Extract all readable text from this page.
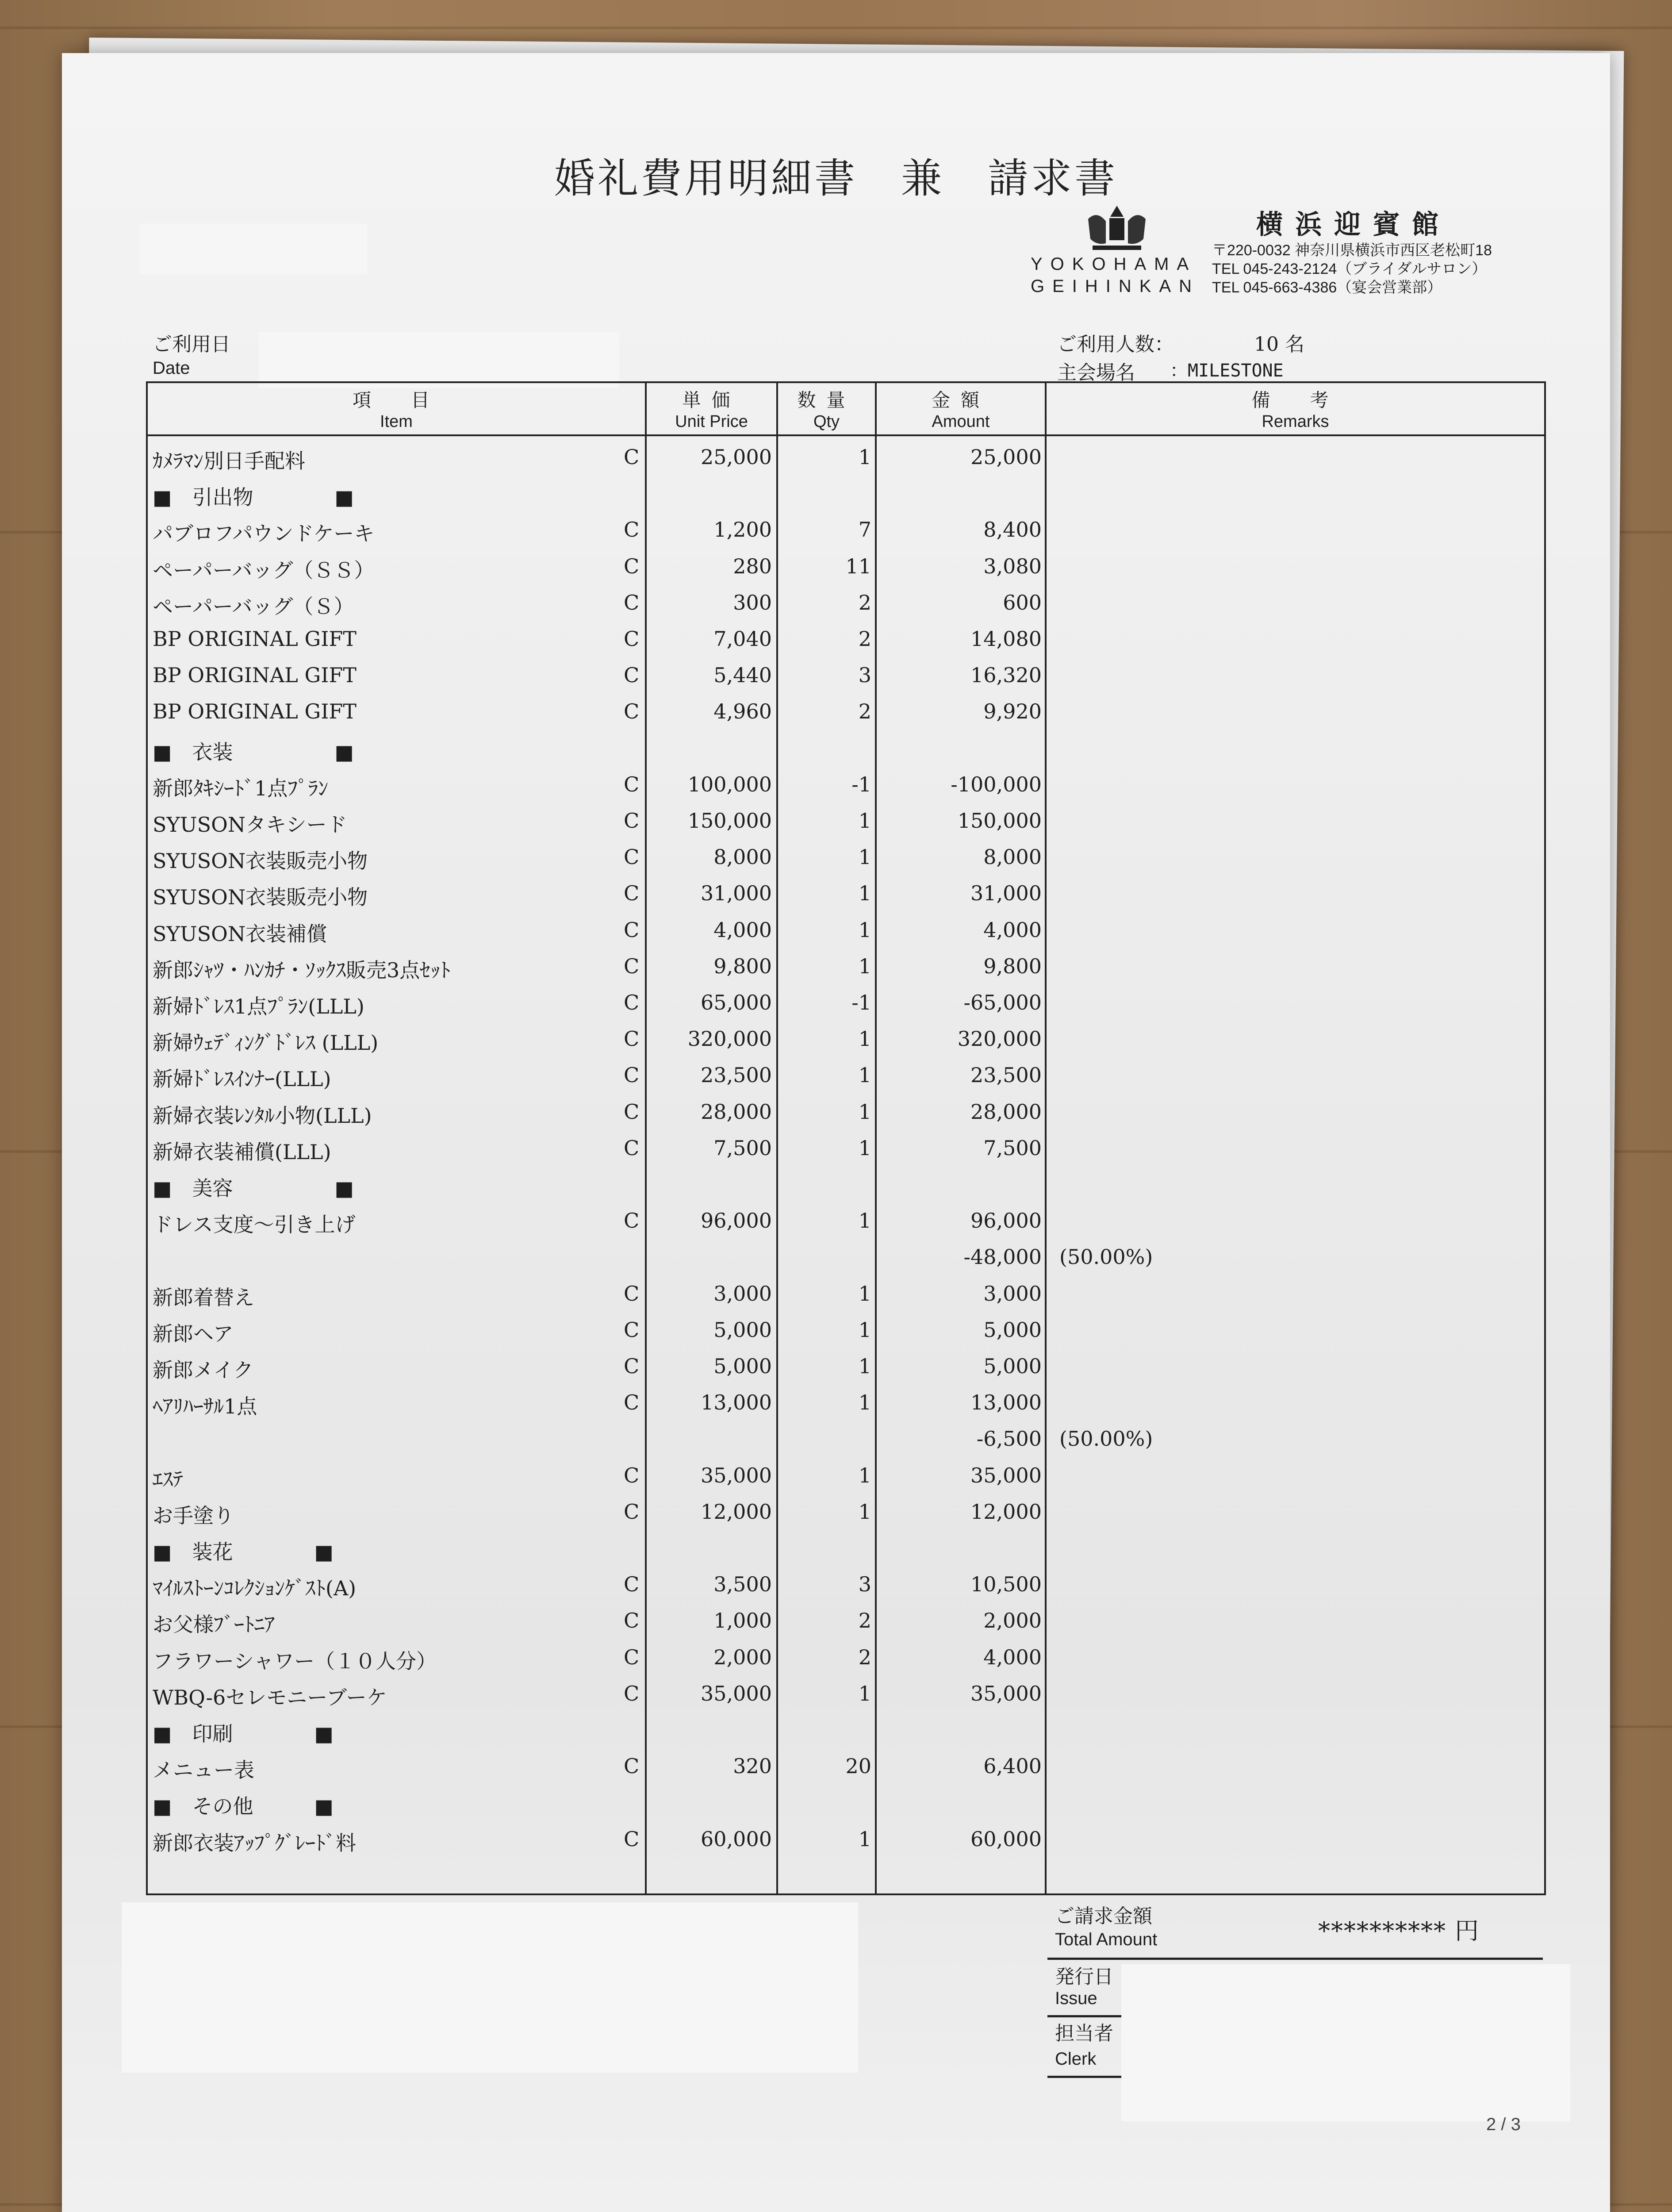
婚礼費用明細書　兼　請求書
横浜迎賓館
YOKOHAMA
GEIHINKAN
〒220-0032 神奈川県横浜市西区老松町18
TEL 045-243-2124（ブライダルサロン）
TEL 045-663-4386（宴会営業部）
ご利用日
Date
ご利用人数：	10 名
主会場名 ：MILESTONE
項　目
Item
単価
Unit Price
数量
Qty
金額
Amount
備　考
Remarks
ｶﾒﾗﾏﾝ別日手配料	C	25,000	1	25,000
■　引出物　　　　■
パブロフパウンドケーキ	C	1,200	7	8,400
ペーパーバッグ（ＳＳ）	C	280	11	3,080
ペーパーバッグ（Ｓ）	C	300	2	600
BP ORIGINAL GIFT	C	7,040	2	14,080
BP ORIGINAL GIFT	C	5,440	3	16,320
BP ORIGINAL GIFT	C	4,960	2	9,920
■　衣装　　　　　■
新郎ﾀｷｼｰﾄﾞ1点ﾌﾟﾗﾝ	C	100,000	-1	-100,000
SYUSONタキシード	C	150,000	1	150,000
SYUSON衣装販売小物	C	8,000	1	8,000
SYUSON衣装販売小物	C	31,000	1	31,000
SYUSON衣装補償	C	4,000	1	4,000
新郎ｼｬﾂ・ﾊﾝｶﾁ・ｿｯｸｽ販売3点ｾｯﾄ	C	9,800	1	9,800
新婦ﾄﾞﾚｽ1点ﾌﾟﾗﾝ(LLL)	C	65,000	-1	-65,000
新婦ｳｪﾃﾞｨﾝｸﾞﾄﾞﾚｽ (LLL)	C	320,000	1	320,000
新婦ﾄﾞﾚｽｲﾝﾅｰ(LLL)	C	23,500	1	23,500
新婦衣装ﾚﾝﾀﾙ小物(LLL)	C	28,000	1	28,000
新婦衣装補償(LLL)	C	7,500	1	7,500
■　美容　　　　　■
ドレス支度～引き上げ	C	96,000	1	96,000
-48,000 (50.00%)
新郎着替え	C	3,000	1	3,000
新郎ヘア	C	5,000	1	5,000
新郎メイク	C	5,000	1	5,000
ﾍｱﾘﾊｰｻﾙ1点	C	13,000	1	13,000
-6,500 (50.00%)
ｴｽﾃ	C	35,000	1	35,000
お手塗り	C	12,000	1	12,000
■　装花　　　　■
ﾏｲﾙｽﾄｰﾝｺﾚｸｼｮﾝｹﾞｽﾄ(A)	C	3,500	3	10,500
お父様ﾌﾞｰﾄﾆｱ	C	1,000	2	2,000
フラワーシャワー（１０人分）	C	2,000	2	4,000
WBQ-6セレモニーブーケ	C	35,000	1	35,000
■　印刷　　　　■
メニュー表	C	320	20	6,400
■　その他　　　■
新郎衣装ｱｯﾌﾟｸﾞﾚｰﾄﾞ料	C	60,000	1	60,000
ご請求金額
Total Amount	********** 円
発行日
Issue
担当者
Clerk
2 / 3
